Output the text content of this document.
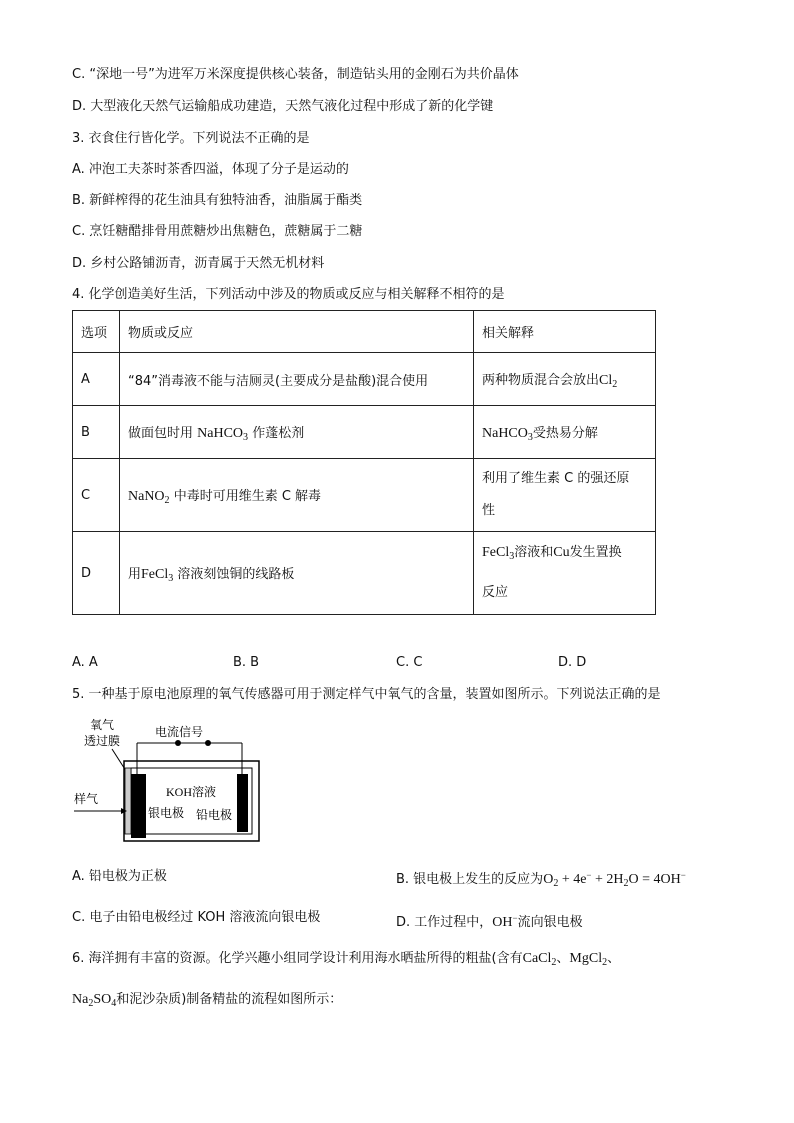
C. “深地一号”为进军万米深度提供核心装备，制造钻头用的金刚石为共价晶体
D. 大型液化天然气运输船成功建造，天然气液化过程中形成了新的化学键
3. 衣食住行皆化学。下列说法不正确的是
A. 冲泡工夫茶时茶香四溢，体现了分子是运动的
B. 新鲜榨得的花生油具有独特油香，油脂属于酯类
C. 烹饪糖醋排骨用蔗糖炒出焦糖色，蔗糖属于二糖
D. 乡村公路铺沥青，沥青属于天然无机材料
4. 化学创造美好生活，下列活动中涉及的物质或反应与相关解释不相符的是
选项	物质或反应	相关解释
A	“84”消毒液不能与洁厕灵(主要成分是盐酸)混合使用	两种物质混合会放出$Cl_2$
B	做面包时用 NaHCO$_3$ 作蓬松剂	NaHCO$_3$受热易分解
C	NaNO$_2$ 中毒时可用维生素 C 解毒	利用了维生素 C 的强还原
性
D	用FeCl$_3$ 溶液刻蚀铜的线路板	FeCl$_3$溶液和Cu发生置换
反应
A. A	B. B	C. C	D. D
5. 一种基于原电池原理的氧气传感器可用于测定样气中氧气的含量，装置如图所示。下列说法正确的是
氧气
透过膜
电流信号
KOH溶液
样气
银电极 铅电极
A. 铅电极为正极	B. 银电极上发生的反应为$O_2 + 4e^- + 2H_2O = 4OH^-$
C. 电子由铅电极经过 KOH 溶液流向银电极	D. 工作过程中，OH−流向银电极
6. 海洋拥有丰富的资源。化学兴趣小组同学设计利用海水晒盐所得的粗盐(含有CaCl$_2$、MgCl$_2$、
$Na_2SO_4$和泥沙杂质)制备精盐的流程如图所示：
